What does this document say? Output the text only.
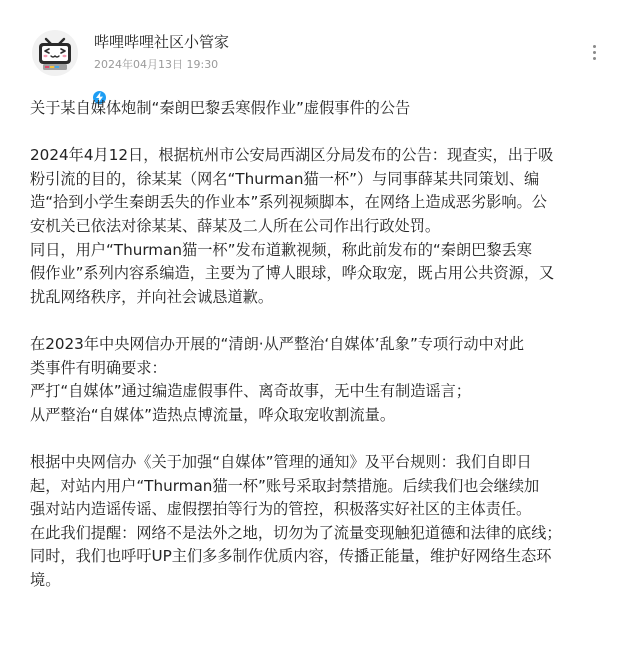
哔哩哔哩社区小管家
2024年04月13日 19:30

关于某自媒体炮制“秦朗巴黎丢寒假作业”虚假事件的公告

2024年4月12日，根据杭州市公安局西湖区分局发布的公告：现查实，出于吸

粉引流的目的，徐某某（网名“Thurman猫一杯”）与同事薛某共同策划、编

造“拾到小学生秦朗丢失的作业本”系列视频脚本，在网络上造成恶劣影响。公

安机关已依法对徐某某、薛某及二人所在公司作出行政处罚。

同日，用户“Thurman猫一杯”发布道歉视频，称此前发布的“秦朗巴黎丢寒

假作业”系列内容系编造，主要为了博人眼球，哗众取宠，既占用公共资源，又

扰乱网络秩序，并向社会诚恳道歉。

在2023年中央网信办开展的“清朗·从严整治‘自媒体’乱象”专项行动中对此

类事件有明确要求：

严打“自媒体”通过编造虚假事件、离奇故事，无中生有制造谣言；

从严整治“自媒体”造热点博流量，哗众取宠收割流量。

根据中央网信办《关于加强“自媒体”管理的通知》及平台规则：我们自即日

起，对站内用户“Thurman猫一杯”账号采取封禁措施。后续我们也会继续加

强对站内造谣传谣、虚假摆拍等行为的管控，积极落实好社区的主体责任。

在此我们提醒：网络不是法外之地，切勿为了流量变现触犯道德和法律的底线；

同时，我们也呼吁UP主们多多制作优质内容，传播正能量，维护好网络生态环

境。
